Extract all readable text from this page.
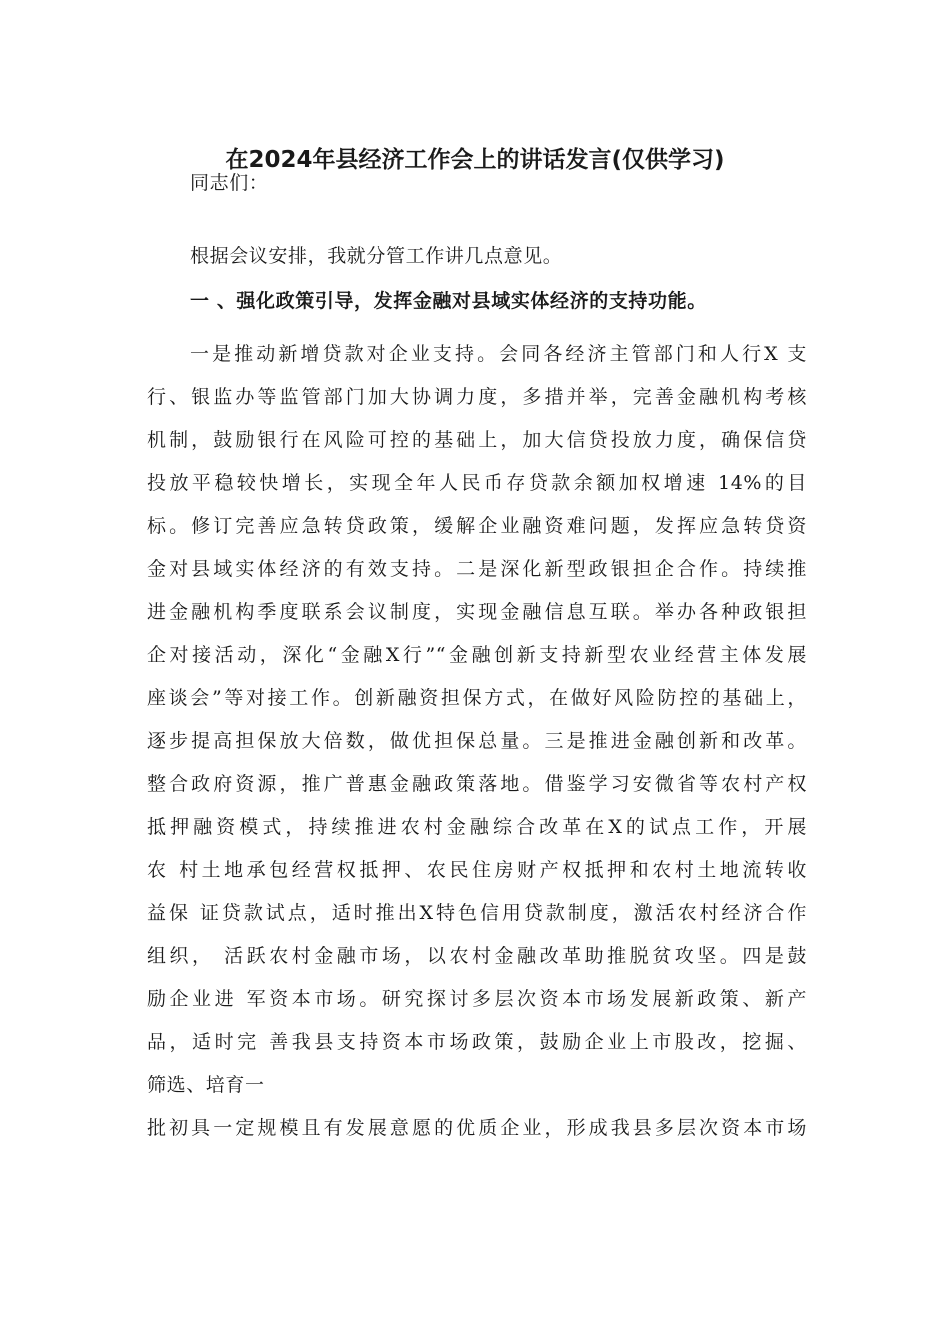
在2024年县经济工作会上的讲话发言(仅供学习)
同志们：
根据会议安排，我就分管工作讲几点意见。
一 、强化政策引导，发挥金融对县域实体经济的支持功能。
一是推动新增贷款对企业支持。会同各经济主管部门和人行X 支
行、银监办等监管部门加大协调力度，多措并举，完善金融机构考核
机制，鼓励银行在风险可控的基础上，加大信贷投放力度，确保信贷
投放平稳较快增长，实现全年人民币存贷款余额加权增速 14%的目
标。修订完善应急转贷政策，缓解企业融资难问题，发挥应急转贷资
金对县域实体经济的有效支持。二是深化新型政银担企合作。持续推
进金融机构季度联系会议制度，实现金融信息互联。举办各种政银担
企对接活动，深化“金融X行”“金融创新支持新型农业经营主体发展
座谈会”等对接工作。创新融资担保方式，在做好风险防控的基础上，
逐步提高担保放大倍数，做优担保总量。三是推进金融创新和改革。
整合政府资源，推广普惠金融政策落地。借鉴学习安微省等农村产权
抵押融资模式，持续推进农村金融综合改革在X的试点工作，开展
农 村土地承包经营权抵押、农民住房财产权抵押和农村土地流转收
益保 证贷款试点，适时推出X特色信用贷款制度，激活农村经济合作
组织， 活跃农村金融市场，以农村金融改革助推脱贫攻坚。四是鼓
励企业进 军资本市场。研究探讨多层次资本市场发展新政策、新产
品，适时完 善我县支持资本市场政策，鼓励企业上市股改，挖掘、
筛选、培育一
批初具一定规模且有发展意愿的优质企业，形成我县多层次资本市场
